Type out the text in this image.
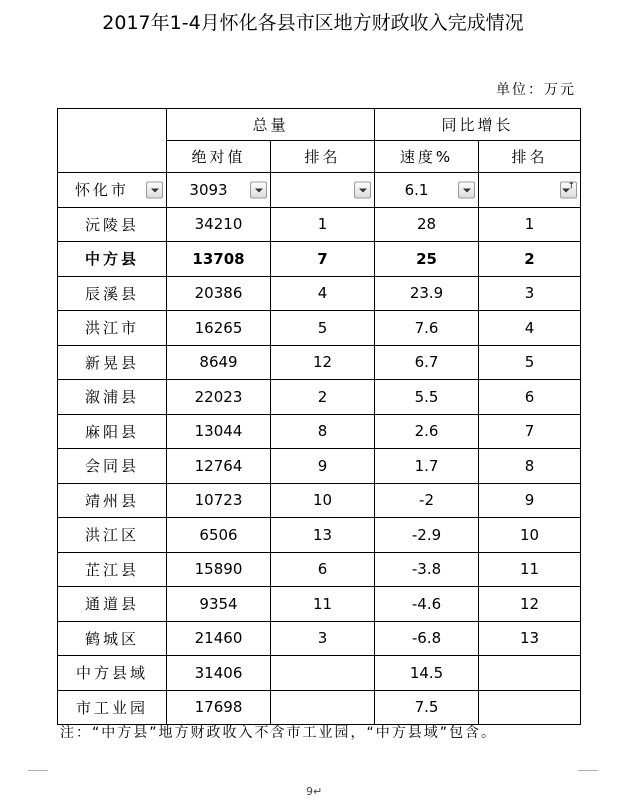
2017年1-4月怀化各县市区地方财政收入完成情况
单位：万元
	总量		同比增长	
	绝对值	排名	速度%	排名
怀化市	3093		6.1

↑

沅陵县	34210	1	28	1
中方县	13708	7	25	2
辰溪县	20386	4	23.9	3
洪江市	16265	5	7.6	4
新晃县	8649	12	6.7	5
溆浦县	22023	2	5.5	6
麻阳县	13044	8	2.6	7
会同县	12764	9	1.7	8
靖州县	10723	10	-2	9
洪江区	6506	13	-2.9	10
芷江县	15890	6	-3.8	11
通道县	9354	11	-4.6	12
鹤城区	21460	3	-6.8	13
中方县域	31406		14.5	
市工业园	17698		7.5	
注：“中方县”地方财政收入不含市工业园，“中方县域”包含。
9↵
